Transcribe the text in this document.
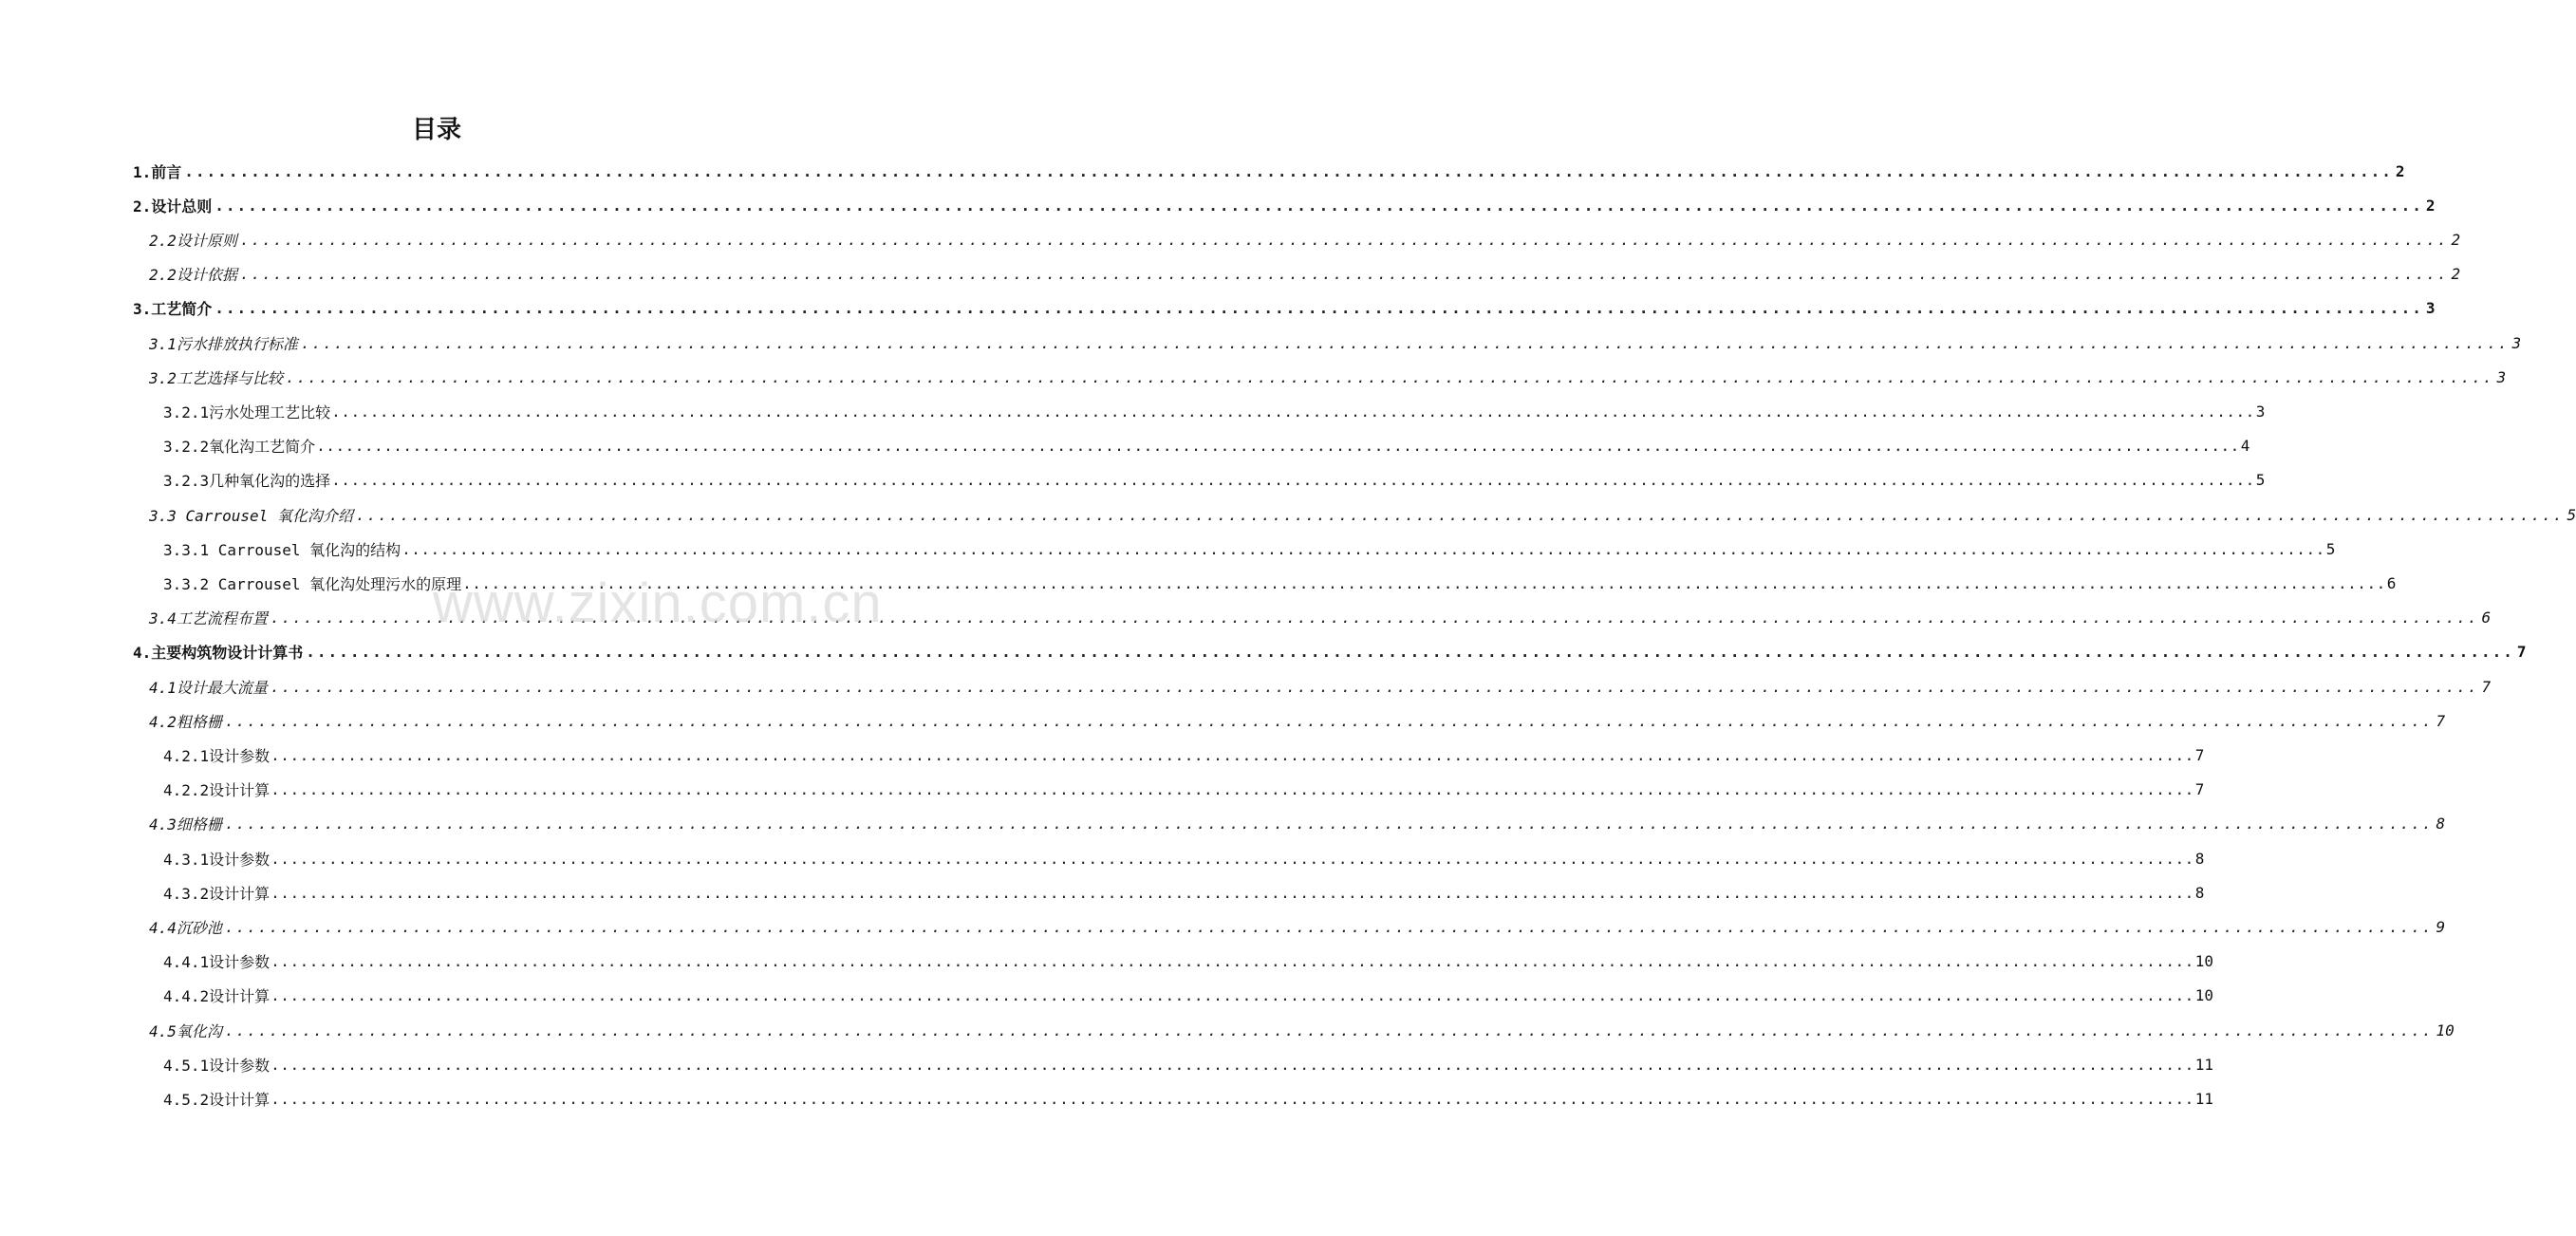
目录
1.前言 ........................................................................................................................................................................................................ 2
2.设计总则 ........................................................................................................................................................................................................ 2
2.2设计原则 ........................................................................................................................................................................................................ 2
2.2设计依据 ........................................................................................................................................................................................................ 2
3.工艺简介 ........................................................................................................................................................................................................ 3
3.1污水排放执行标准 ........................................................................................................................................................................................................ 3
3.2工艺选择与比较 ........................................................................................................................................................................................................ 3
3.2.1污水处理工艺比较 ........................................................................................................................................................................................................ 3
3.2.2氧化沟工艺简介 ........................................................................................................................................................................................................ 4
3.2.3几种氧化沟的选择 ........................................................................................................................................................................................................ 5
3.3 Carrousel 氧化沟介绍 ........................................................................................................................................................................................................ 5
3.3.1 Carrousel 氧化沟的结构 ........................................................................................................................................................................................................ 5
3.3.2 Carrousel 氧化沟处理污水的原理 ........................................................................................................................................................................................................ 6
3.4工艺流程布置 ........................................................................................................................................................................................................ 6
4.主要构筑物设计计算书 ........................................................................................................................................................................................................ 7
4.1设计最大流量 ........................................................................................................................................................................................................ 7
4.2粗格栅 ........................................................................................................................................................................................................ 7
4.2.1设计参数 ........................................................................................................................................................................................................ 7
4.2.2设计计算 ........................................................................................................................................................................................................ 7
4.3细格栅 ........................................................................................................................................................................................................ 8
4.3.1设计参数 ........................................................................................................................................................................................................ 8
4.3.2设计计算 ........................................................................................................................................................................................................ 8
4.4沉砂池 ........................................................................................................................................................................................................ 9
4.4.1设计参数 ........................................................................................................................................................................................................ 10
4.4.2设计计算 ........................................................................................................................................................................................................ 10
4.5氧化沟 ........................................................................................................................................................................................................ 10
4.5.1设计参数 ........................................................................................................................................................................................................ 11
4.5.2设计计算 ........................................................................................................................................................................................................ 11
www.zixin.com.cn
